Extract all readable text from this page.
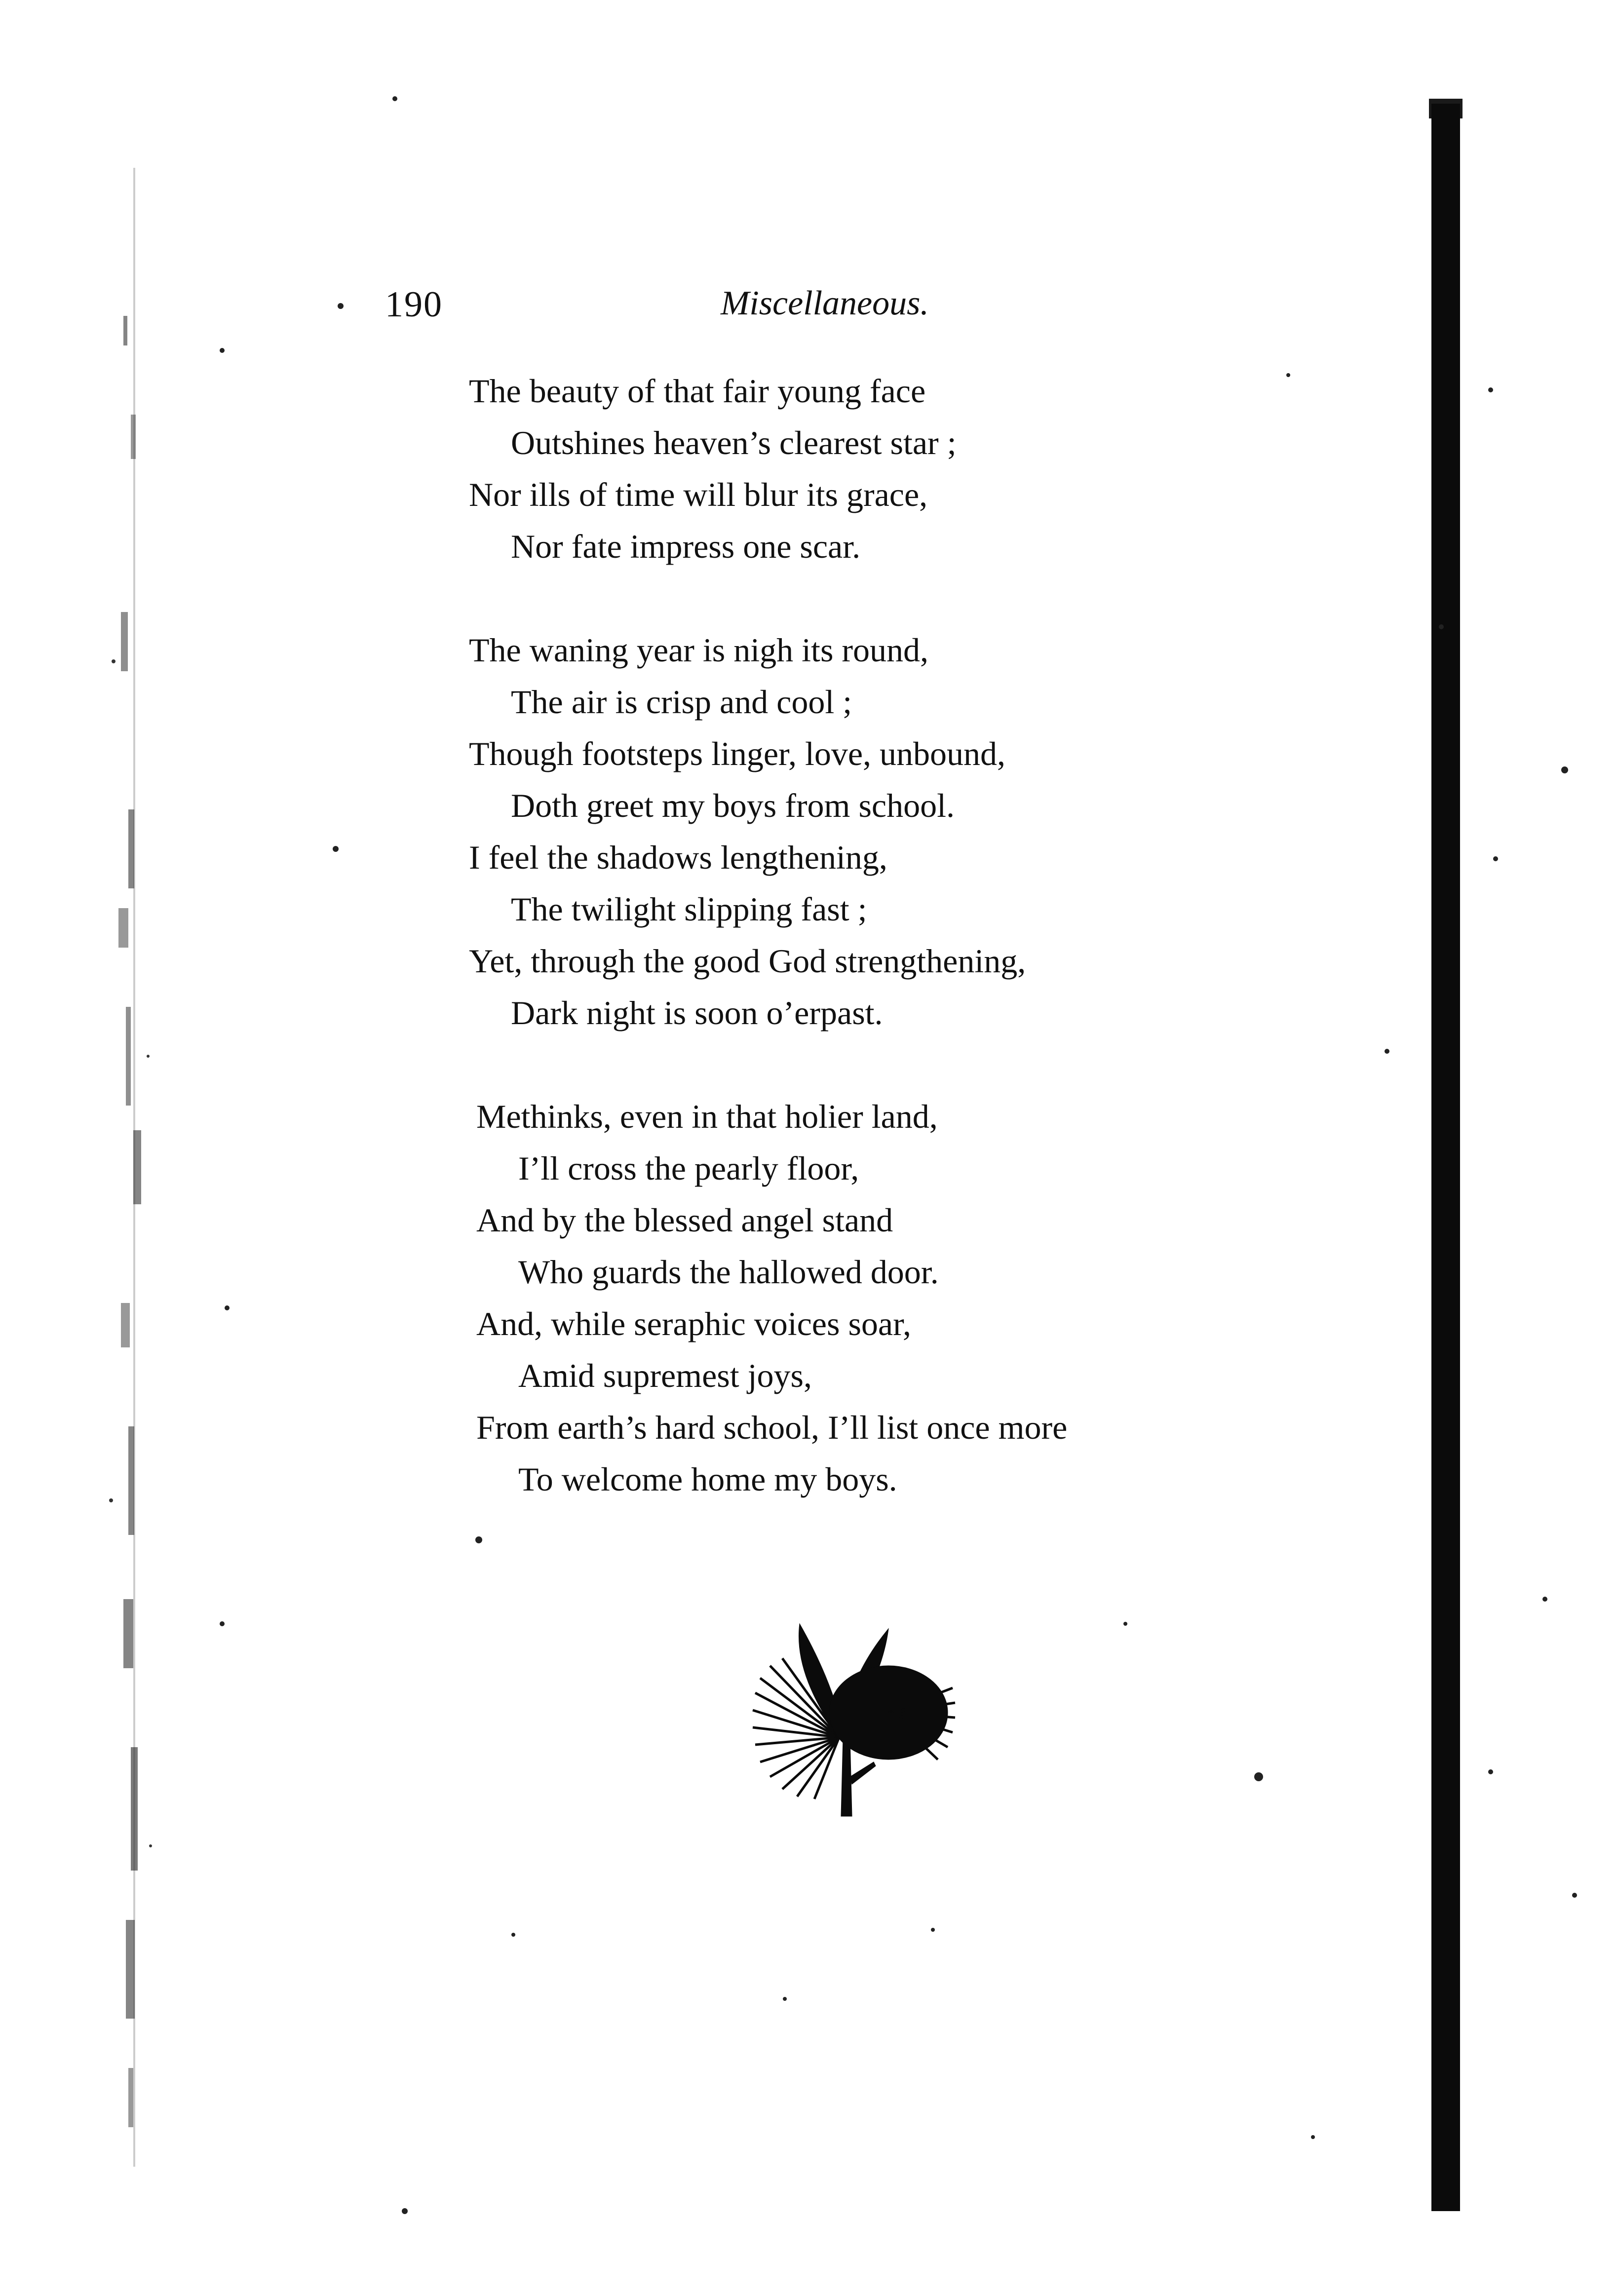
190	Miscellaneous.
The beauty of that fair young face
Outshines heaven’s clearest star ;
Nor ills of time will blur its grace,
Nor fate impress one scar.
The waning year is nigh its round,
The air is crisp and cool ;
Though footsteps linger, love, unbound,
Doth greet my boys from school.
I feel the shadows lengthening,
The twilight slipping fast ;
Yet, through the good God strengthening,
Dark night is soon o’erpast.
Methinks, even in that holier land,
I’ll cross the pearly floor,
And by the blessed angel stand
Who guards the hallowed door.
And, while seraphic voices soar,
Amid supremest joys,
From earth’s hard school, I’ll list once more
To welcome home my boys.
